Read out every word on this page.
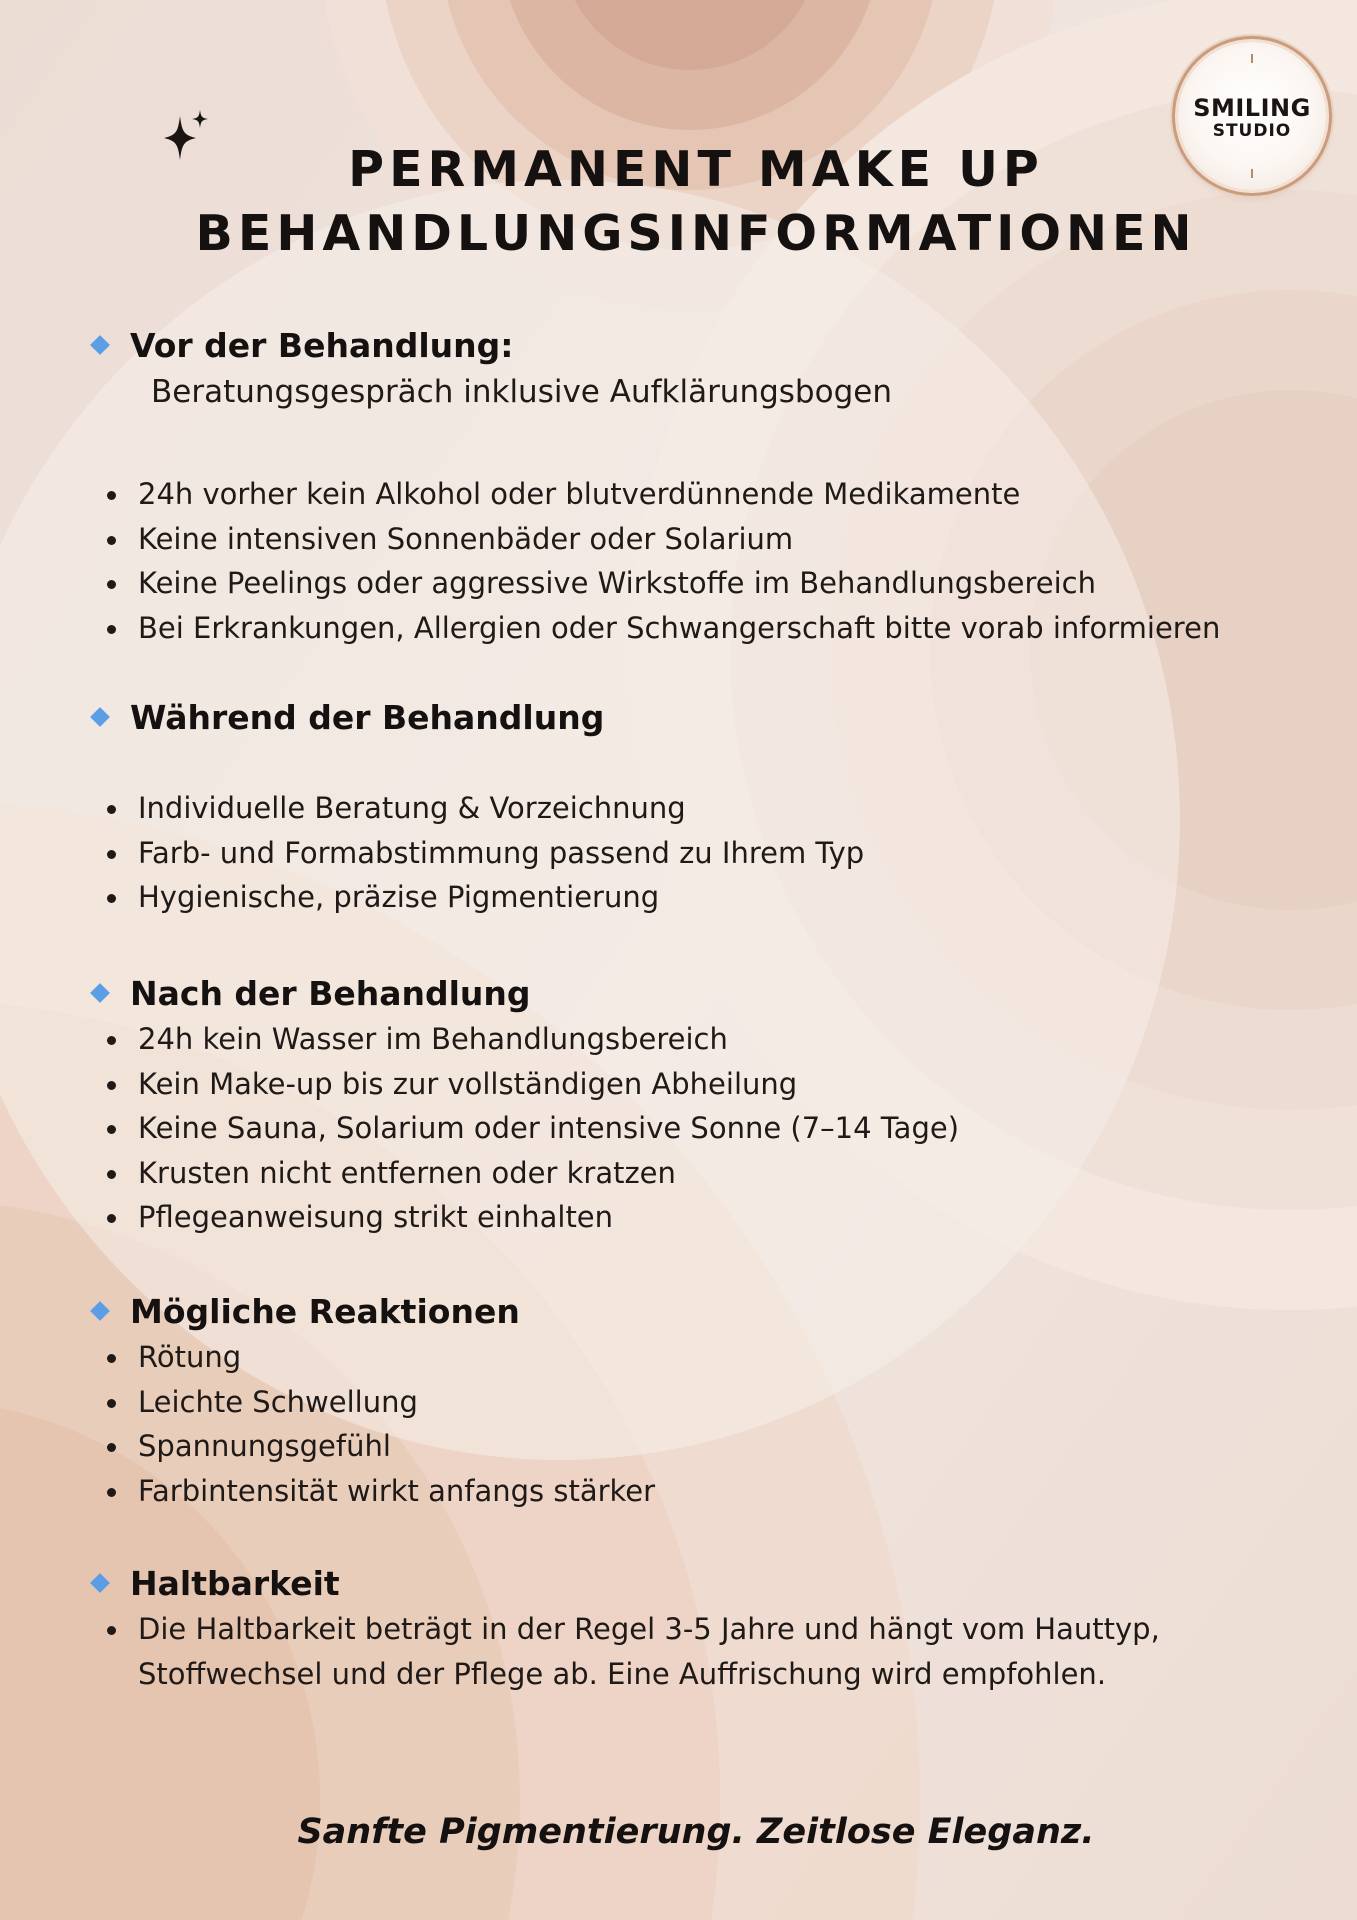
SMILING
STUDIO
PERMANENT MAKE UP
BEHANDLUNGSINFORMATIONEN
Vor der Behandlung:
Beratungsgespräch inklusive Aufklärungsbogen
24h vorher kein Alkohol oder blutverdünnende Medikamente
Keine intensiven Sonnenbäder oder Solarium
Keine Peelings oder aggressive Wirkstoffe im Behandlungsbereich
Bei Erkrankungen, Allergien oder Schwangerschaft bitte vorab informieren
Während der Behandlung
Individuelle Beratung & Vorzeichnung
Farb- und Formabstimmung passend zu Ihrem Typ
Hygienische, präzise Pigmentierung
Nach der Behandlung
24h kein Wasser im Behandlungsbereich
Kein Make-up bis zur vollständigen Abheilung
Keine Sauna, Solarium oder intensive Sonne (7–14 Tage)
Krusten nicht entfernen oder kratzen
Pflegeanweisung strikt einhalten
Mögliche Reaktionen
Rötung
Leichte Schwellung
Spannungsgefühl
Farbintensität wirkt anfangs stärker
Haltbarkeit
Die Haltbarkeit beträgt in der Regel 3-5 Jahre und hängt vom Hauttyp, Stoffwechsel und der Pflege ab. Eine Auffrischung wird empfohlen.
Sanfte Pigmentierung. Zeitlose Eleganz.
